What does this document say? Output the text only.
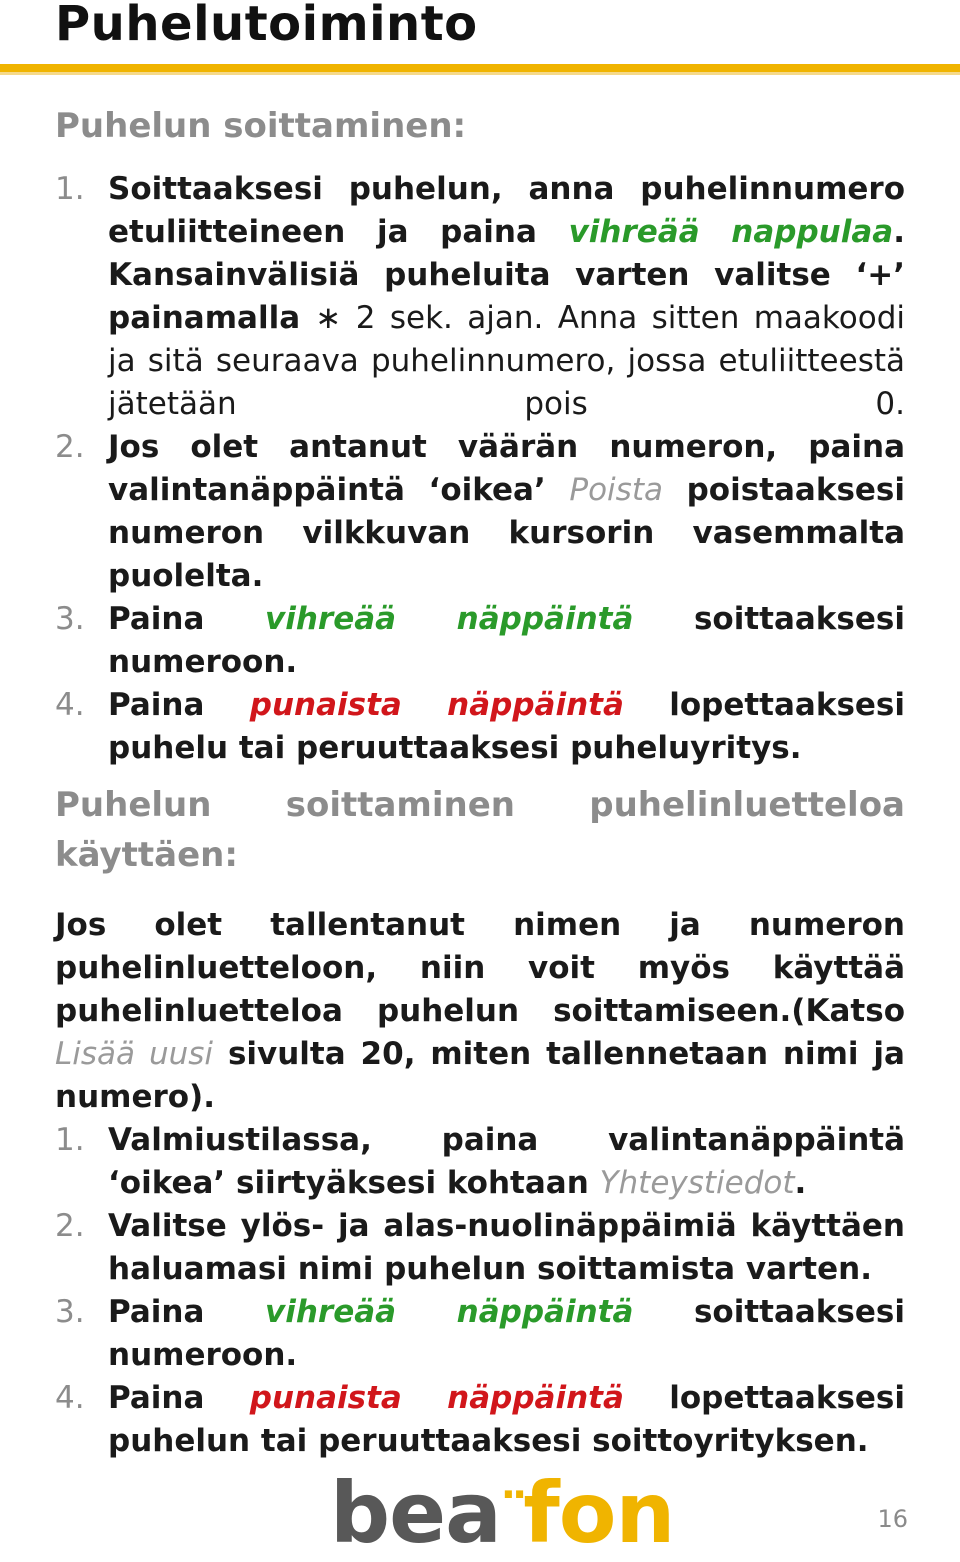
Puhelutoiminto
Puhelun soittaminen:
1. Soittaaksesi puhelun, anna puhelinnumero etuliitteineen ja paina vihreää nappulaa. Kansainvälisiä puheluita varten valitse ‘+’ painamalla ∗ 2 sek. ajan. Anna sitten maakoodi ja sitä seuraava puhelinnumero, jossa etuliitteestä jätetään pois 0.
2. Jos olet antanut väärän numeron, paina valintanäppäintä ‘oikea’ Poista poistaaksesi numeron vilkkuvan kursorin vasemmalta puolelta.
3. Paina vihreää näppäintä soittaaksesi numeroon.
4. Paina punaista näppäintä lopettaaksesi puhelu tai peruuttaaksesi puheluyritys.
Puhelun soittaminen puhelinluetteloa käyttäen:

Jos olet tallentanut nimen ja numeron puhelinluetteloon, niin voit myös käyttää puhelinluetteloa puhelun soittamiseen.(Katso Lisää uusi sivulta 20, miten tallennetaan nimi ja numero).

1. Valmiustilassa, paina valintanäppäintä ‘oikea’ siirtyäksesi kohtaan Yhteystiedot.
2. Valitse ylös- ja alas-nuolinäppäimiä käyttäen haluamasi nimi puhelun soittamista varten.
3. Paina vihreää näppäintä soittaaksesi numeroon.
4. Paina punaista näppäintä lopettaaksesi puhelun tai peruuttaaksesi soittoyrityksen.
bea··fon	16
